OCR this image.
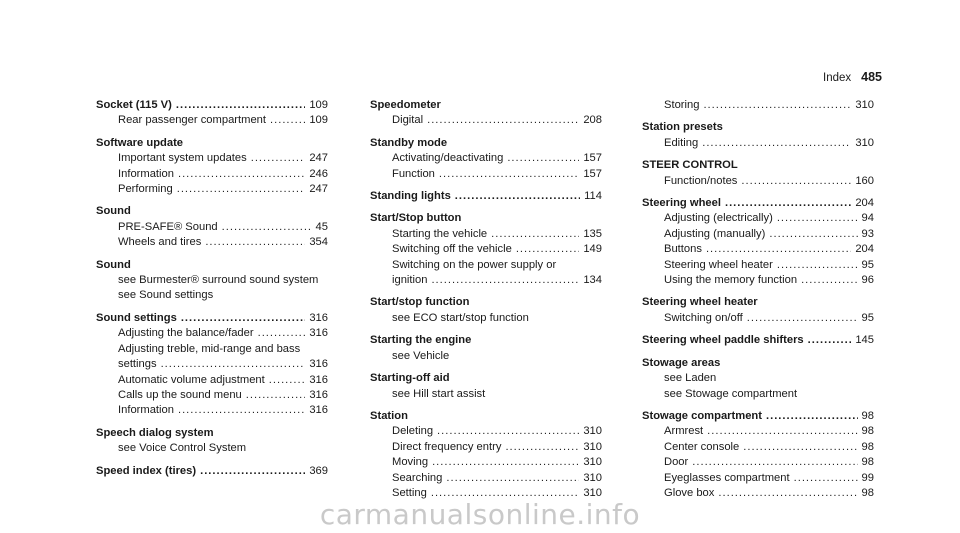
Index 485
Socket (115 V) .....	109
Rear passenger compartment .....	109
Software update
Important system updates .....	247
Information .....	246
Performing .....	247
Sound
PRE-SAFE® Sound .....	45
Wheels and tires .....	354
Sound
see Burmester® surround sound system
see Sound settings
Sound settings .....	316
Adjusting the balance/fader .....	316
Adjusting treble, mid-range and bass
settings .....	316
Automatic volume adjustment .....	316
Calls up the sound menu .....	316
Information .....	316
Speech dialog system
see Voice Control System
Speed index (tires) .....	369
Speedometer
Digital .....	208
Standby mode
Activating/deactivating .....	157
Function .....	157
Standing lights .....	114
Start/Stop button
Starting the vehicle .....	135
Switching off the vehicle .....	149
Switching on the power supply or
ignition .....	134
Start/stop function
see ECO start/stop function
Starting the engine
see Vehicle
Starting-off aid
see Hill start assist
Station
Deleting .....	310
Direct frequency entry .....	310
Moving .....	310
Searching .....	310
Setting .....	310
Storing .....	310
Station presets
Editing .....	310
STEER CONTROL
Function/notes .....	160
Steering wheel .....	204
Adjusting (electrically) .....	94
Adjusting (manually) .....	93
Buttons .....	204
Steering wheel heater .....	95
Using the memory function .....	96
Steering wheel heater
Switching on/off .....	95
Steering wheel paddle shifters .....	145
Stowage areas
see Laden
see Stowage compartment
Stowage compartment .....	98
Armrest .....	98
Center console .....	98
Door .....	98
Eyeglasses compartment .....	99
Glove box .....	98
carmanualsonline.info
